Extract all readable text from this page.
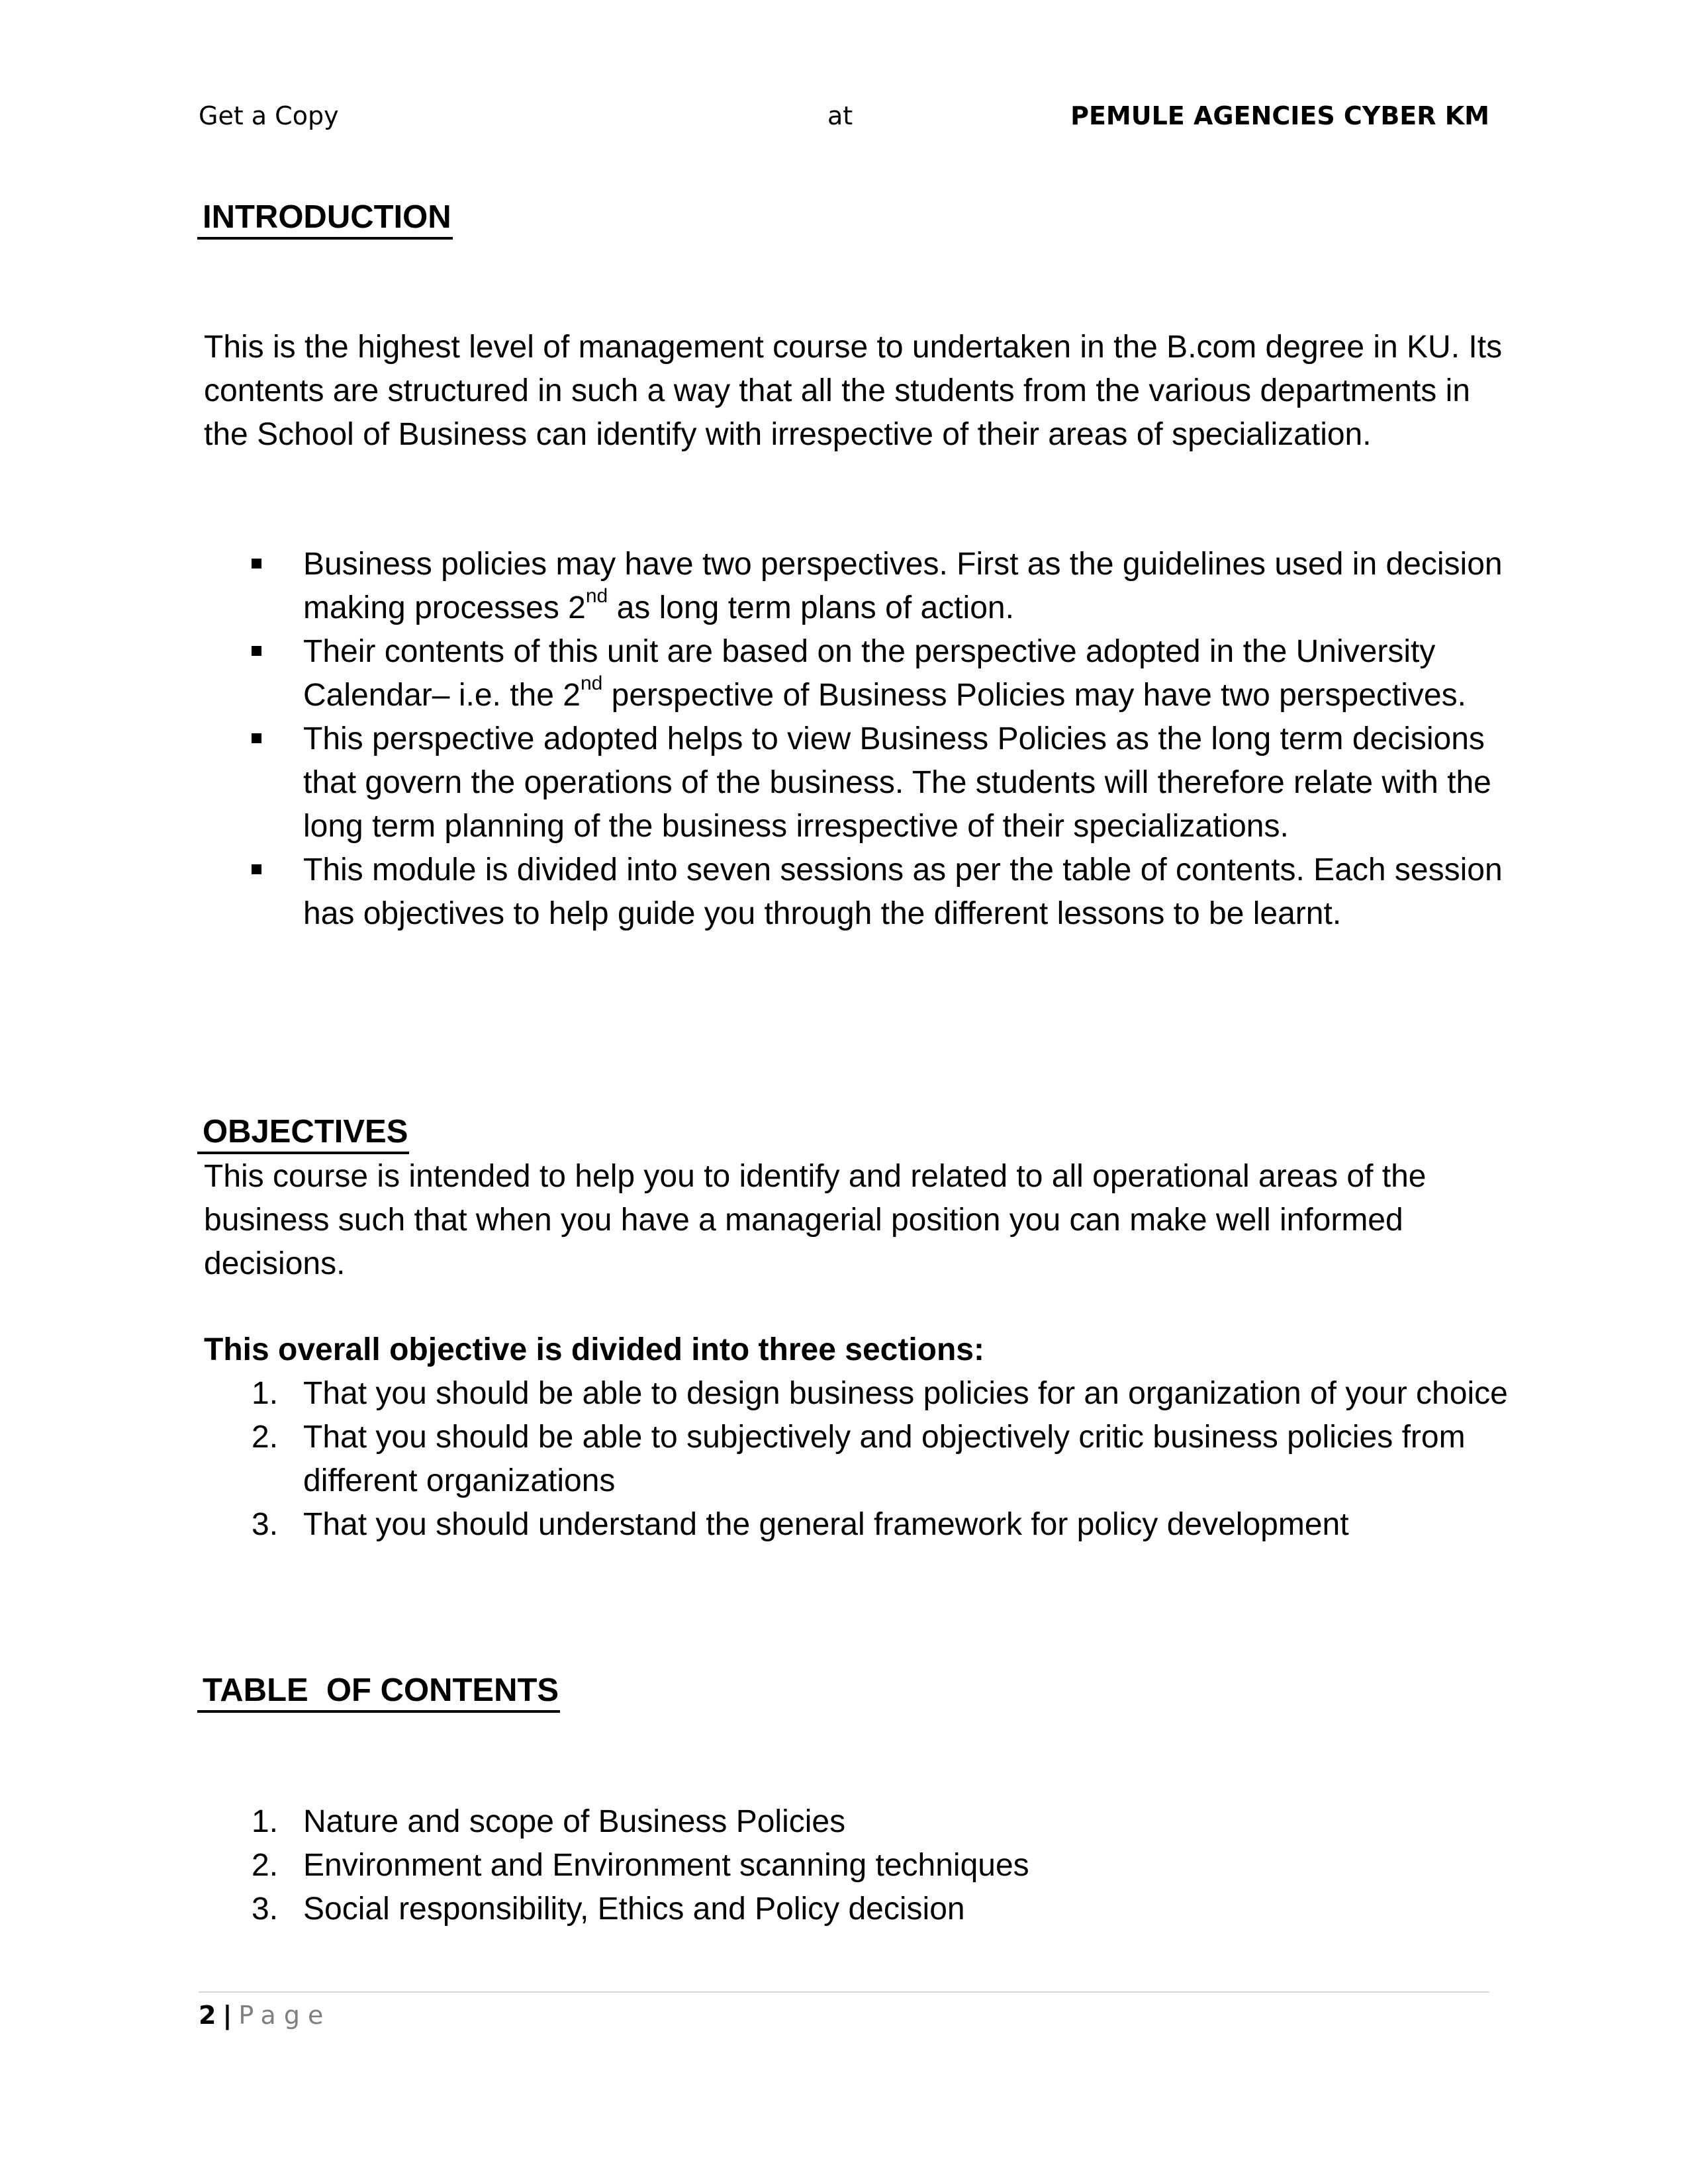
Get a Copy	at	PEMULE AGENCIES CYBER KM
INTRODUCTION

This is the highest level of management course to undertaken in the B.com degree in KU. Its contents are structured in such a way that all the students from the various departments in the School of Business can identify with irrespective of their areas of specialization.

Business policies may have two perspectives. First as the guidelines used in decision making processes 2nd as long term plans of action.
Their contents of this unit are based on the perspective adopted in the University Calendar– i.e. the 2nd perspective of Business Policies may have two perspectives.
This perspective adopted helps to view Business Policies as the long term decisions that govern the operations of the business. The students will therefore relate with the long term planning of the business irrespective of their specializations.
This module is divided into seven sessions as per the table of contents. Each session has objectives to help guide you through the different lessons to be learnt.
OBJECTIVES

This course is intended to help you to identify and related to all operational areas of the business such that when you have a managerial position you can make well informed decisions.

This overall objective is divided into three sections:
1. That you should be able to design business policies for an organization of your choice
2. That you should be able to subjectively and objectively critic business policies from different organizations
3. That you should understand the general framework for policy development
TABLE  OF CONTENTS
1. Nature and scope of Business Policies
2. Environment and Environment scanning techniques
3. Social responsibility, Ethics and Policy decision
2 | Page
